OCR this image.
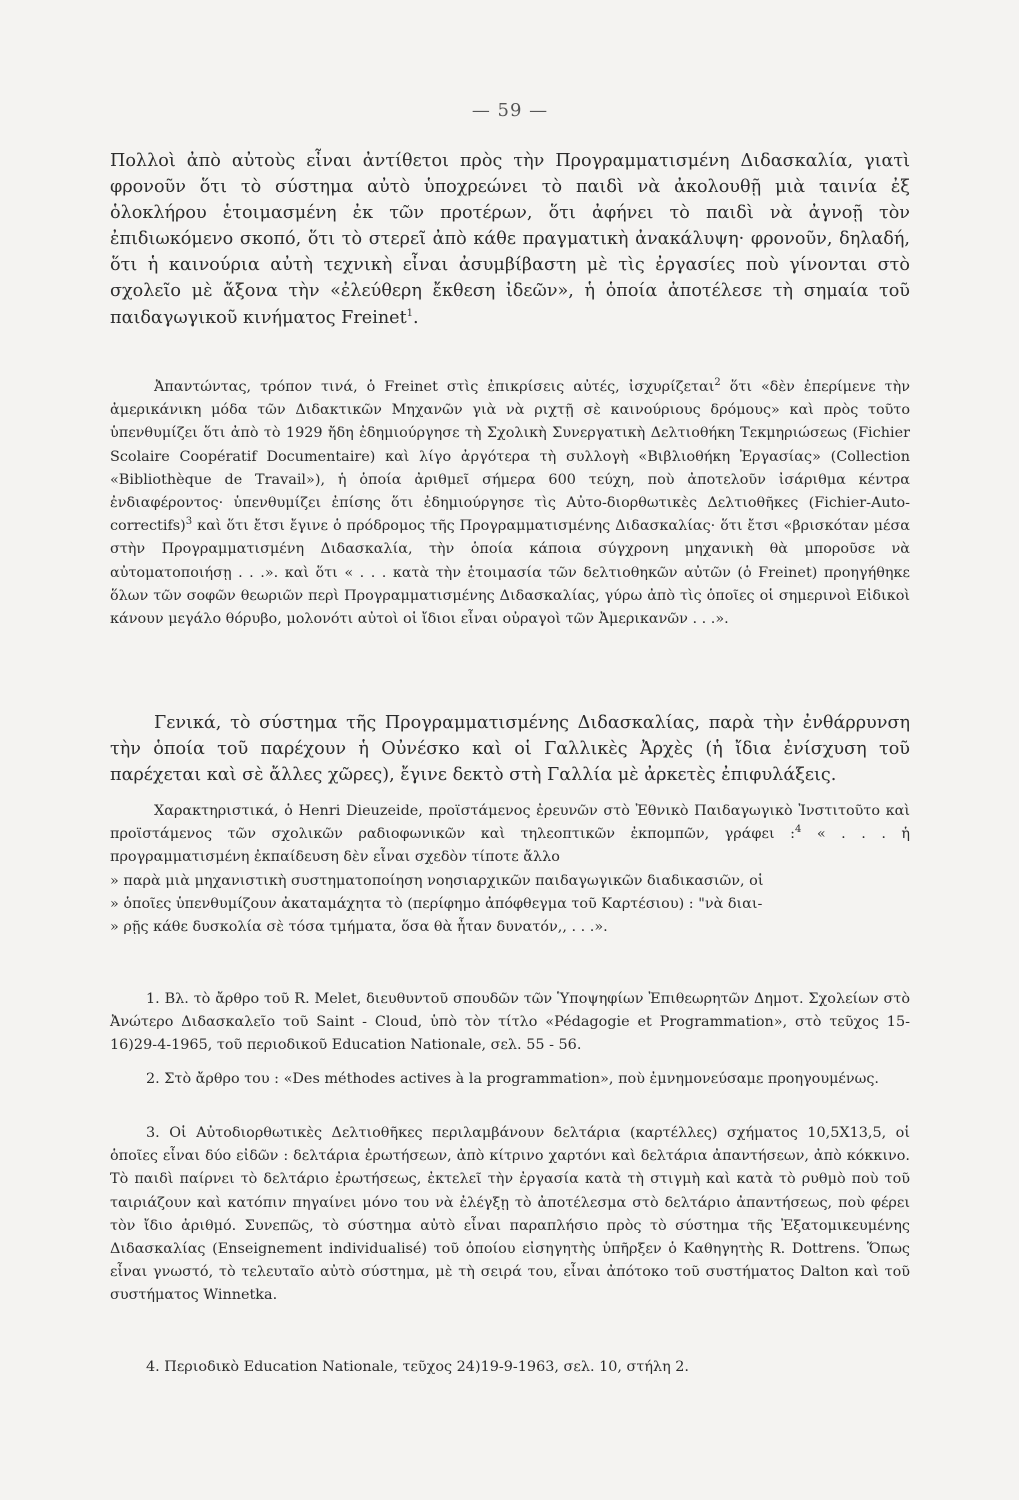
— 59 —

Πολλοὶ ἀπὸ αὐτοὺς εἶναι ἀντίθετοι πρὸς τὴν Προγραμματισμένη Διδασκαλία, γιατὶ φρονοῦν ὅτι τὸ σύστημα αὐτὸ ὑποχρεώνει τὸ παιδὶ νὰ ἀκολουθῇ μιὰ ταινία ἐξ ὁλοκλήρου ἑτοιμασμένη ἐκ τῶν προτέρων, ὅτι ἀφήνει τὸ παιδὶ νὰ ἀγνοῇ τὸν ἐπιδιωκόμενο σκοπό, ὅτι τὸ στερεῖ ἀπὸ κάθε πραγματικὴ ἀνακάλυψη· φρονοῦν, δηλαδή, ὅτι ἡ καινούρια αὐτὴ τεχνικὴ εἶναι ἀσυμβίβαστη μὲ τὶς ἐργασίες ποὺ γίνονται στὸ σχολεῖο μὲ ἄξονα τὴν «ἐλεύθερη ἔκθεση ἰδεῶν», ἡ ὁποία ἀποτέλεσε τὴ σημαία τοῦ παιδαγωγικοῦ κινήματος Freinet$^1$.

Ἀπαντώντας, τρόπον τινά, ὁ Freinet στὶς ἐπικρίσεις αὐτές, ἰσχυρίζεται$^2$ ὅτι «δὲν ἐπερίμενε τὴν ἀμερικάνικη μόδα τῶν Διδακτικῶν Μηχανῶν γιὰ νὰ ριχτῇ σὲ καινούριους δρόμους» καὶ πρὸς τοῦτο ὑπενθυμίζει ὅτι ἀπὸ τὸ 1929 ἤδη ἐδημιούργησε τὴ Σχολικὴ Συνεργατικὴ Δελτιοθήκη Τεκμηριώσεως (Fichier Scolaire Coopératif Documentaire) καὶ λίγο ἀργότερα τὴ συλλογὴ «Βιβλιοθήκη Ἐργασίας» (Collection «Bibliothèque de Travail»), ἡ ὁποία ἀριθμεῖ σήμερα 600 τεύχη, ποὺ ἀποτελοῦν ἰσάριθμα κέντρα ἐνδιαφέροντος· ὑπενθυμίζει ἐπίσης ὅτι ἐδημιούργησε τὶς Αὐτο-διορθωτικὲς Δελτιοθῆκες (Fichier-Auto-correctifs)$^3$ καὶ ὅτι ἔτσι ἔγινε ὁ πρόδρομος τῆς Προγραμματισμένης Διδασκαλίας· ὅτι ἔτσι «βρισκόταν μέσα στὴν Προγραμματισμένη Διδασκαλία, τὴν ὁποία κάποια σύγχρονη μηχανικὴ θὰ μποροῦσε νὰ αὐτοματοποιήσῃ . . .». καὶ ὅτι « . . . κατὰ τὴν ἑτοιμασία τῶν δελτιοθηκῶν αὐτῶν (ὁ Freinet) προηγήθηκε ὅλων τῶν σοφῶν θεωριῶν περὶ Προγραμματισμένης Διδασκαλίας, γύρω ἀπὸ τὶς ὁποῖες οἱ σημερινοὶ Εἰδικοὶ κάνουν μεγάλο θόρυβο, μολονότι αὐτοὶ οἱ ἴδιοι εἶναι οὐραγοὶ τῶν Ἀμερικανῶν . . .».

Γενικά, τὸ σύστημα τῆς Προγραμματισμένης Διδασκαλίας, παρὰ τὴν ἐνθάρρυνση τὴν ὁποία τοῦ παρέχουν ἡ Οὐνέσκο καὶ οἱ Γαλλικὲς Ἀρχὲς (ἡ ἴδια ἐνίσχυση τοῦ παρέχεται καὶ σὲ ἄλλες χῶρες), ἔγινε δεκτὸ στὴ Γαλλία μὲ ἀρκετὲς ἐπιφυλάξεις.

Χαρακτηριστικά, ὁ Henri Dieuzeide, προϊστάμενος ἐρευνῶν στὸ Ἐθνικὸ Παιδαγωγικὸ Ἰνστιτοῦτο καὶ προϊστάμενος τῶν σχολικῶν ραδιοφωνικῶν καὶ τηλεοπτικῶν ἐκπομπῶν, γράφει :$^4$ « . . . ἡ προγραμματισμένη ἐκπαίδευση δὲν εἶναι σχεδὸν τίποτε ἄλλο
» παρὰ μιὰ μηχανιστικὴ συστηματοποίηση νοησιαρχικῶν παιδαγωγικῶν διαδικασιῶν, οἱ
» ὁποῖες ὑπενθυμίζουν ἀκαταμάχητα τὸ (περίφημο ἀπόφθεγμα τοῦ Καρτέσιου) : "νὰ διαι-
» ρῇς κάθε δυσκολία σὲ τόσα τμήματα, ὅσα θὰ ἦταν δυνατόν,, . . .».

1. Βλ. τὸ ἄρθρο τοῦ R. Melet, διευθυντοῦ σπουδῶν τῶν Ὑποψηφίων Ἐπιθεωρητῶν Δημοτ. Σχολείων στὸ Ἀνώτερο Διδασκαλεῖο τοῦ Saint - Cloud, ὑπὸ τὸν τίτλο «Pédagogie et Programmation», στὸ τεῦχος 15-16)29-4-1965, τοῦ περιοδικοῦ Education Nationale, σελ. 55 - 56.

2. Στὸ ἄρθρο του : «Des méthodes actives à la programmation», ποὺ ἐμνημονεύσαμε προηγουμένως.

3. Οἱ Αὐτοδιορθωτικὲς Δελτιοθῆκες περιλαμβάνουν δελτάρια (καρτέλλες) σχήματος 10,5X13,5, οἱ ὁποῖες εἶναι δύο εἰδῶν : δελτάρια ἐρωτήσεων, ἀπὸ κίτρινο χαρτόνι καὶ δελτάρια ἀπαντήσεων, ἀπὸ κόκκινο. Τὸ παιδὶ παίρνει τὸ δελτάριο ἐρωτήσεως, ἐκτελεῖ τὴν ἐργασία κατὰ τὴ στιγμὴ καὶ κατὰ τὸ ρυθμὸ ποὺ τοῦ ταιριάζουν καὶ κατόπιν πηγαίνει μόνο του νὰ ἐλέγξῃ τὸ ἀποτέλεσμα στὸ δελτάριο ἀπαντήσεως, ποὺ φέρει τὸν ἴδιο ἀριθμό. Συνεπῶς, τὸ σύστημα αὐτὸ εἶναι παραπλήσιο πρὸς τὸ σύστημα τῆς Ἐξατομικευμένης Διδασκαλίας (Enseignement individualisé) τοῦ ὁποίου εἰσηγητὴς ὑπῆρξεν ὁ Καθηγητὴς R. Dottrens. Ὅπως εἶναι γνωστό, τὸ τελευταῖο αὐτὸ σύστημα, μὲ τὴ σειρά του, εἶναι ἀπότοκο τοῦ συστήματος Dalton καὶ τοῦ συστήματος Winnetka.

4. Περιοδικὸ Education Nationale, τεῦχος 24)19-9-1963, σελ. 10, στήλη 2.
